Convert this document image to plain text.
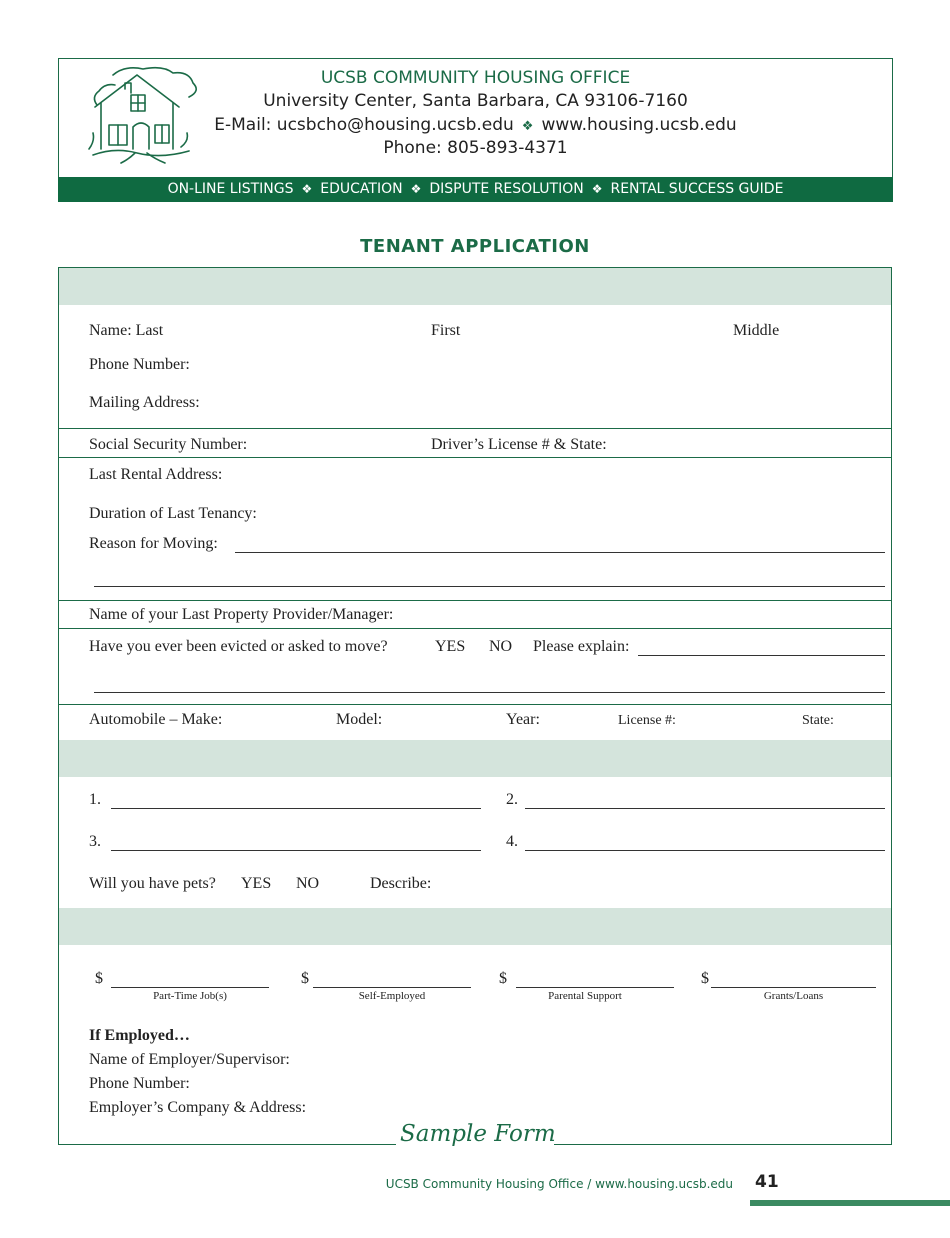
UCSB COMMUNITY HOUSING OFFICE
University Center, Santa Barbara, CA 93106-7160
E-Mail: ucsbcho@housing.ucsb.edu ❖ www.housing.ucsb.edu
Phone: 805-893-4371
ON-LINE LISTINGS ❖ EDUCATION ❖ DISPUTE RESOLUTION ❖ RENTAL SUCCESS GUIDE
TENANT APPLICATION
Name: Last	First	Middle
Phone Number:
Mailing Address:
Social Security Number:	Driver’s License # & State:
Last Rental Address:
Duration of Last Tenancy:
Reason for Moving:
Name of your Last Property Provider/Manager:
Have you ever been evicted or asked to move?	YES NO Please explain:
Automobile – Make:	Model:	Year:	License #:	State:
1.	2.
3.	4.
Will you have pets? YES NO	Describe:
$
Part-Time Job(s)
$
Self-Employed
$
Parental Support
$
Grants/Loans
If Employed…
Name of Employer/Supervisor:
Phone Number:
Employer’s Company & Address:
Sample Form
UCSB Community Housing Office / www.housing.ucsb.edu 41
